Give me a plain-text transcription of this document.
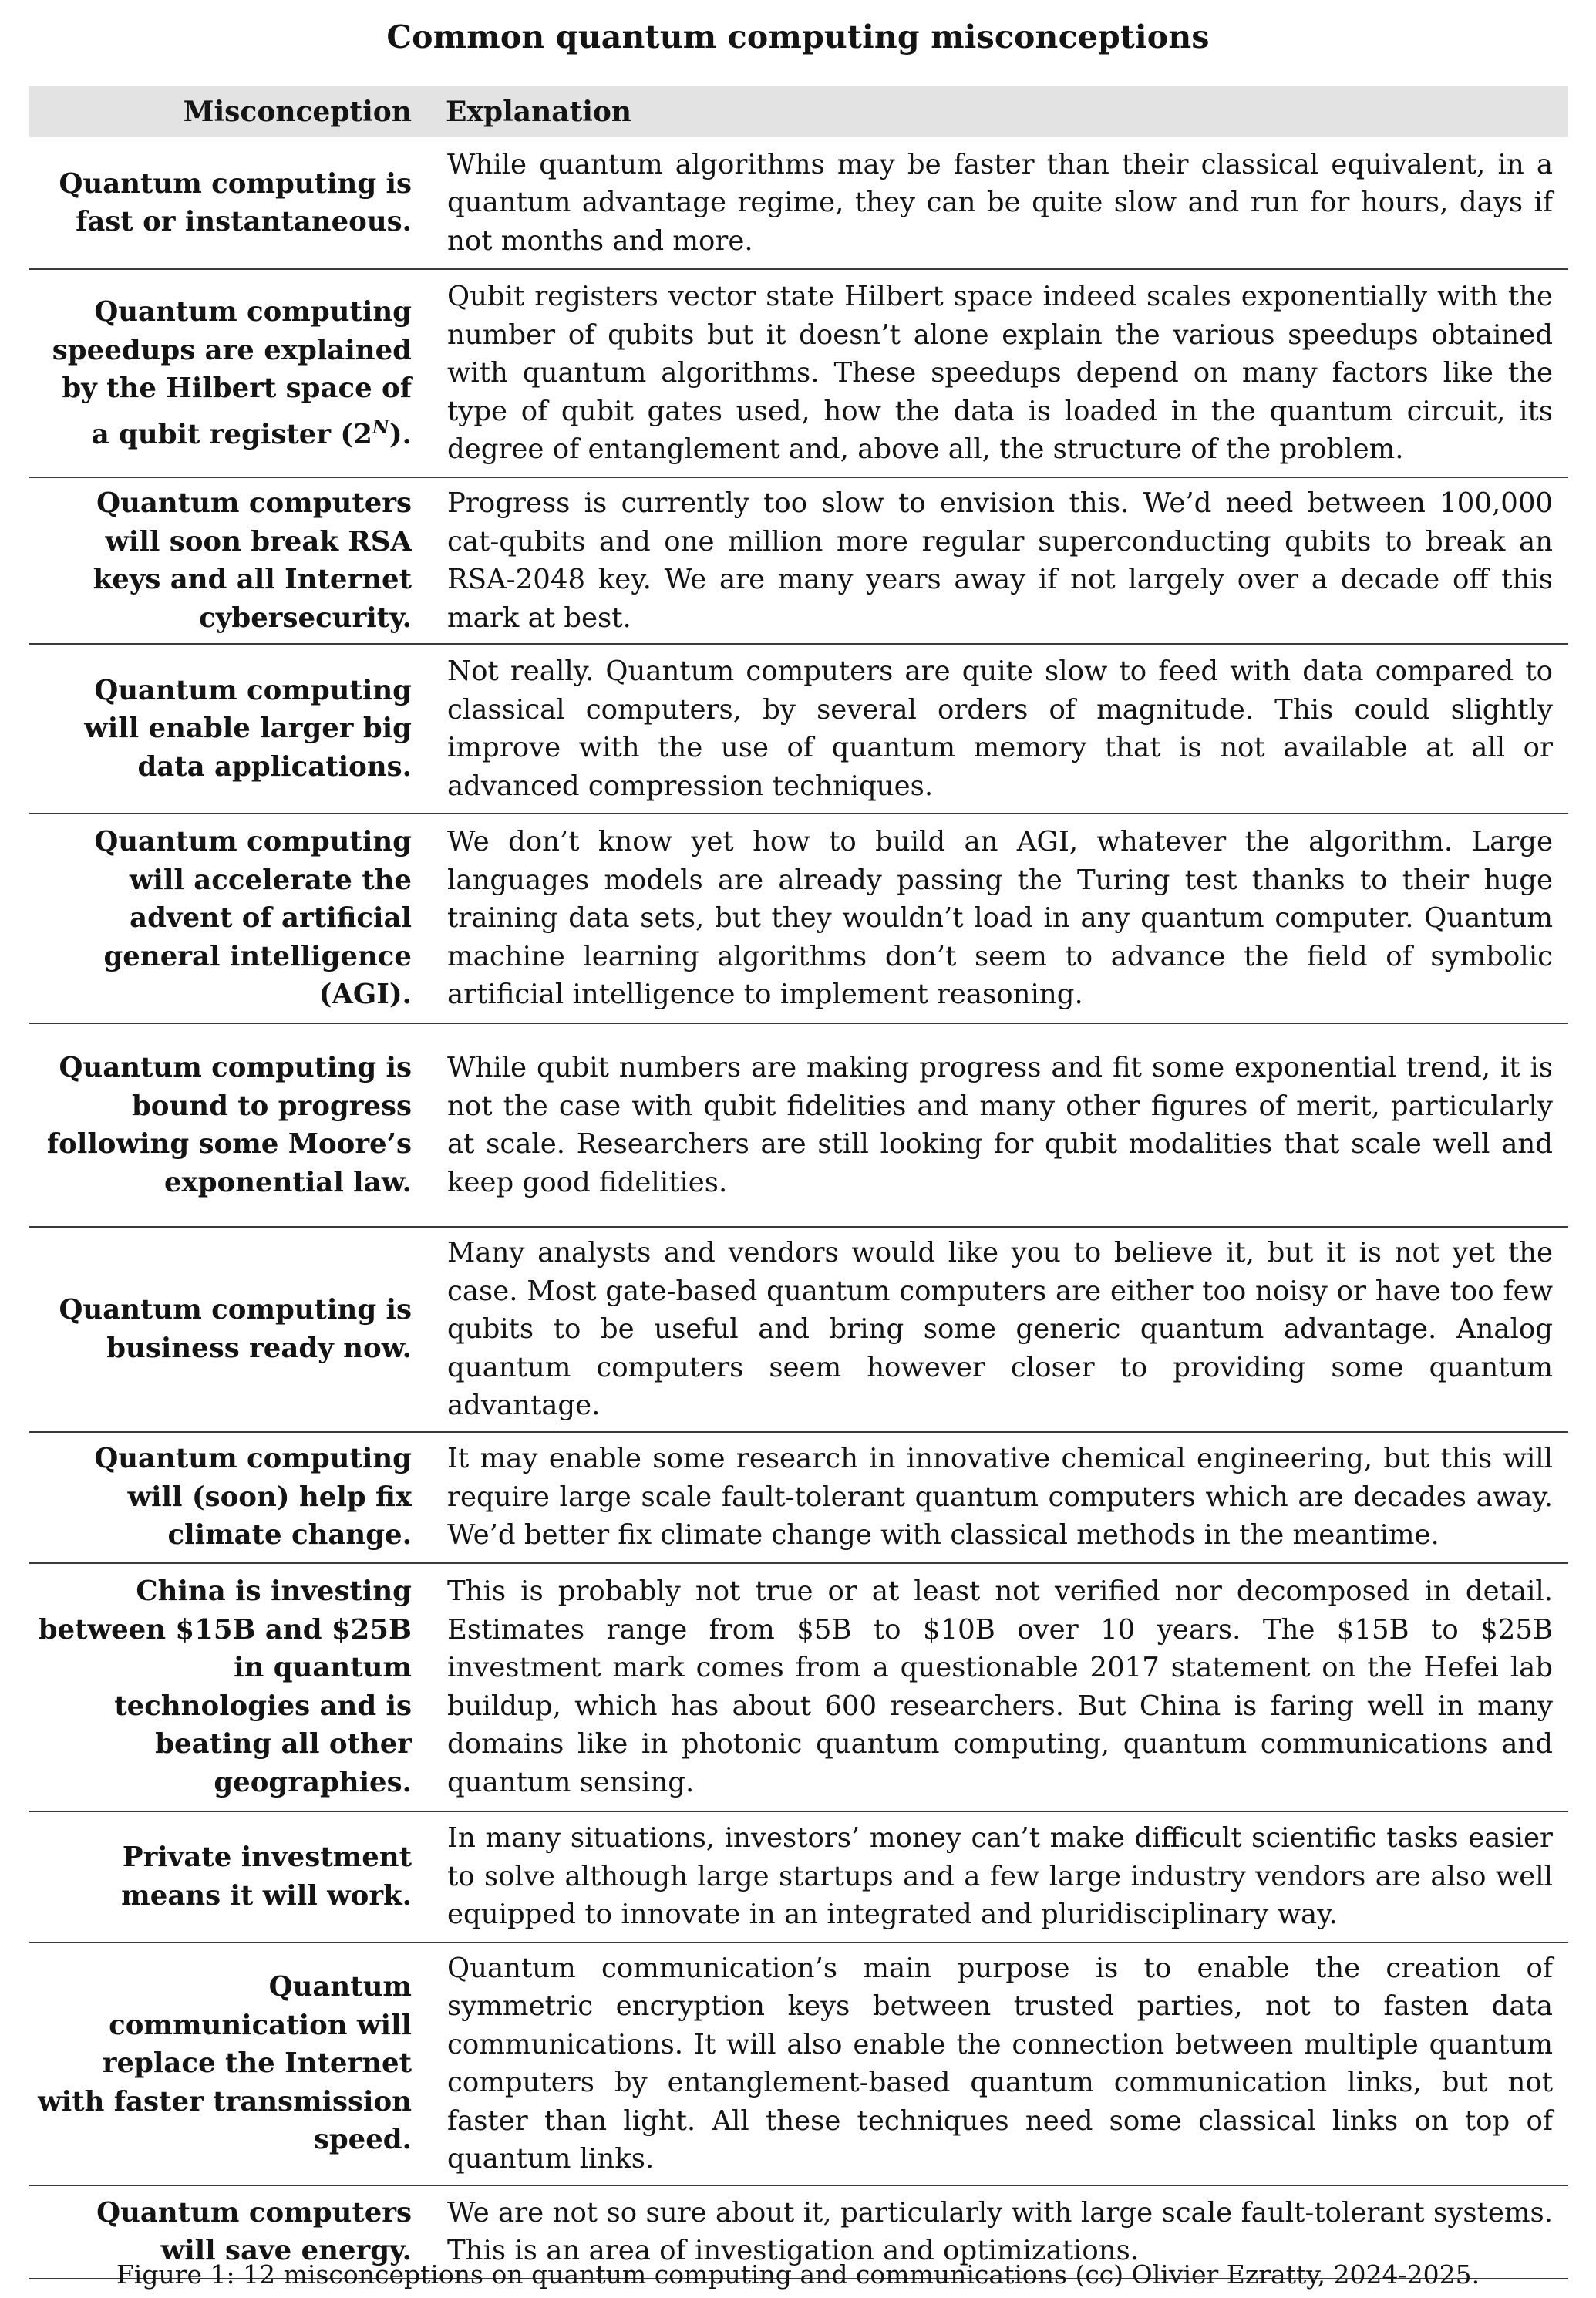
Common quantum computing misconceptions
Misconception	Explanation
Quantum computing is fast or instantaneous.	While quantum algorithms may be faster than their classical equivalent, in a quantum advantage regime, they can be quite slow and run for hours, days if not months and more.
Quantum computing speedups are explained by the Hilbert space of a qubit register $(2^N)$.	Qubit registers vector state Hilbert space indeed scales exponentially with the number of qubits but it doesn’t alone explain the various speedups obtained with quantum algorithms. These speedups depend on many factors like the type of qubit gates used, how the data is loaded in the quantum circuit, its degree of entanglement and, above all, the structure of the problem.
Quantum computers will soon break RSA keys and all Internet cybersecurity.	Progress is currently too slow to envision this. We’d need between 100,000 cat-qubits and one million more regular superconducting qubits to break an RSA-2048 key. We are many years away if not largely over a decade off this mark at best.
Quantum computing will enable larger big data applications.	Not really. Quantum computers are quite slow to feed with data compared to classical computers, by several orders of magnitude. This could slightly improve with the use of quantum memory that is not available at all or advanced compression techniques.
Quantum computing will accelerate the advent of artificial general intelligence (AGI).	We don’t know yet how to build an AGI, whatever the algorithm. Large languages models are already passing the Turing test thanks to their huge training data sets, but they wouldn’t load in any quantum computer. Quantum machine learning algorithms don’t seem to advance the field of symbolic artificial intelligence to implement reasoning.
Quantum computing is bound to progress following some Moore’s exponential law.	While qubit numbers are making progress and fit some exponential trend, it is not the case with qubit fidelities and many other figures of merit, particularly at scale. Researchers are still looking for qubit modalities that scale well and keep good fidelities.
Quantum computing is business ready now.	Many analysts and vendors would like you to believe it, but it is not yet the case. Most gate-based quantum computers are either too noisy or have too few qubits to be useful and bring some generic quantum advantage. Analog quantum computers seem however closer to providing some quantum advantage.
Quantum computing will (soon) help fix climate change.	It may enable some research in innovative chemical engineering, but this will require large scale fault-tolerant quantum computers which are decades away. We’d better fix climate change with classical methods in the meantime.
China is investing between $15B and $25B in quantum technologies and is beating all other geographies.	This is probably not true or at least not verified nor decomposed in detail. Estimates range from $5B to $10B over 10 years. The $15B to $25B investment mark comes from a questionable 2017 statement on the Hefei lab buildup, which has about 600 researchers. But China is faring well in many domains like in photonic quantum computing, quantum communications and quantum sensing.
Private investment means it will work.	In many situations, investors’ money can’t make difficult scientific tasks easier to solve although large startups and a few large industry vendors are also well equipped to innovate in an integrated and pluridisciplinary way.
Quantum communication will replace the Internet with faster transmission speed.	Quantum communication’s main purpose is to enable the creation of symmetric encryption keys between trusted parties, not to fasten data communications. It will also enable the connection between multiple quantum computers by entanglement-based quantum communication links, but not faster than light. All these techniques need some classical links on top of quantum links.
Quantum computers will save energy.	We are not so sure about it, particularly with large scale fault-tolerant systems. This is an area of investigation and optimizations.
Figure 1: 12 misconceptions on quantum computing and communications (cc) Olivier Ezratty, 2024-2025.
